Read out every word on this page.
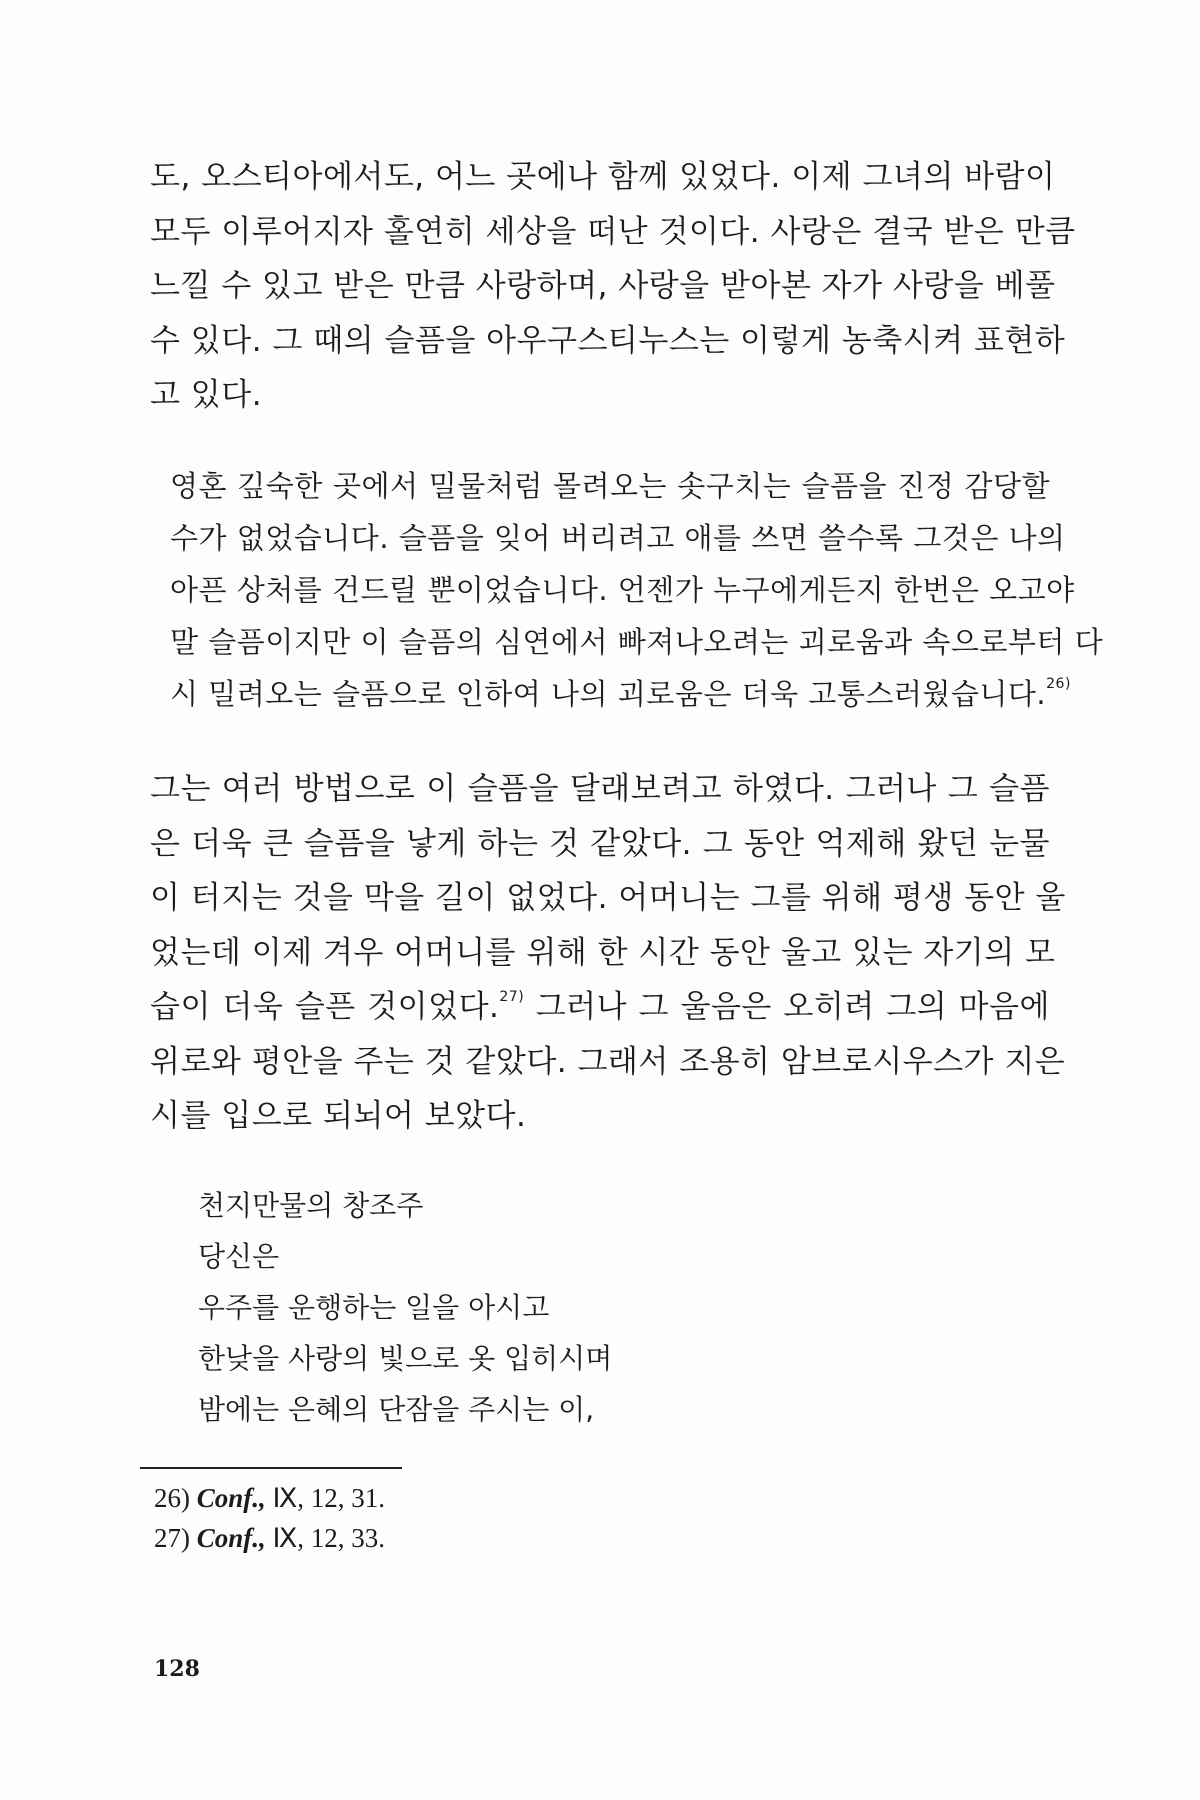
도, 오스티아에서도, 어느 곳에나 함께 있었다. 이제 그녀의 바람이
모두 이루어지자 홀연히 세상을 떠난 것이다. 사랑은 결국 받은 만큼
느낄 수 있고 받은 만큼 사랑하며, 사랑을 받아본 자가 사랑을 베풀
수 있다. 그 때의 슬픔을 아우구스티누스는 이렇게 농축시켜 표현하
고 있다.
영혼 깊숙한 곳에서 밀물처럼 몰려오는 솟구치는 슬픔을 진정 감당할
수가 없었습니다. 슬픔을 잊어 버리려고 애를 쓰면 쓸수록 그것은 나의
아픈 상처를 건드릴 뿐이었습니다. 언젠가 누구에게든지 한번은 오고야
말 슬픔이지만 이 슬픔의 심연에서 빠져나오려는 괴로움과 속으로부터 다
시 밀려오는 슬픔으로 인하여 나의 괴로움은 더욱 고통스러웠습니다.$^{26)}$
그는 여러 방법으로 이 슬픔을 달래보려고 하였다. 그러나 그 슬픔
은 더욱 큰 슬픔을 낳게 하는 것 같았다. 그 동안 억제해 왔던 눈물
이 터지는 것을 막을 길이 없었다. 어머니는 그를 위해 평생 동안 울
었는데 이제 겨우 어머니를 위해 한 시간 동안 울고 있는 자기의 모
습이 더욱 슬픈 것이었다.$^{27)}$ 그러나 그 울음은 오히려 그의 마음에
위로와 평안을 주는 것 같았다. 그래서 조용히 암브로시우스가 지은
시를 입으로 되뇌어 보았다.
천지만물의 창조주
당신은
우주를 운행하는 일을 아시고
한낮을 사랑의 빛으로 옷 입히시며
밤에는 은혜의 단잠을 주시는 이,
26) Conf., Ⅸ, 12, 31.
27) Conf., Ⅸ, 12, 33.
128
